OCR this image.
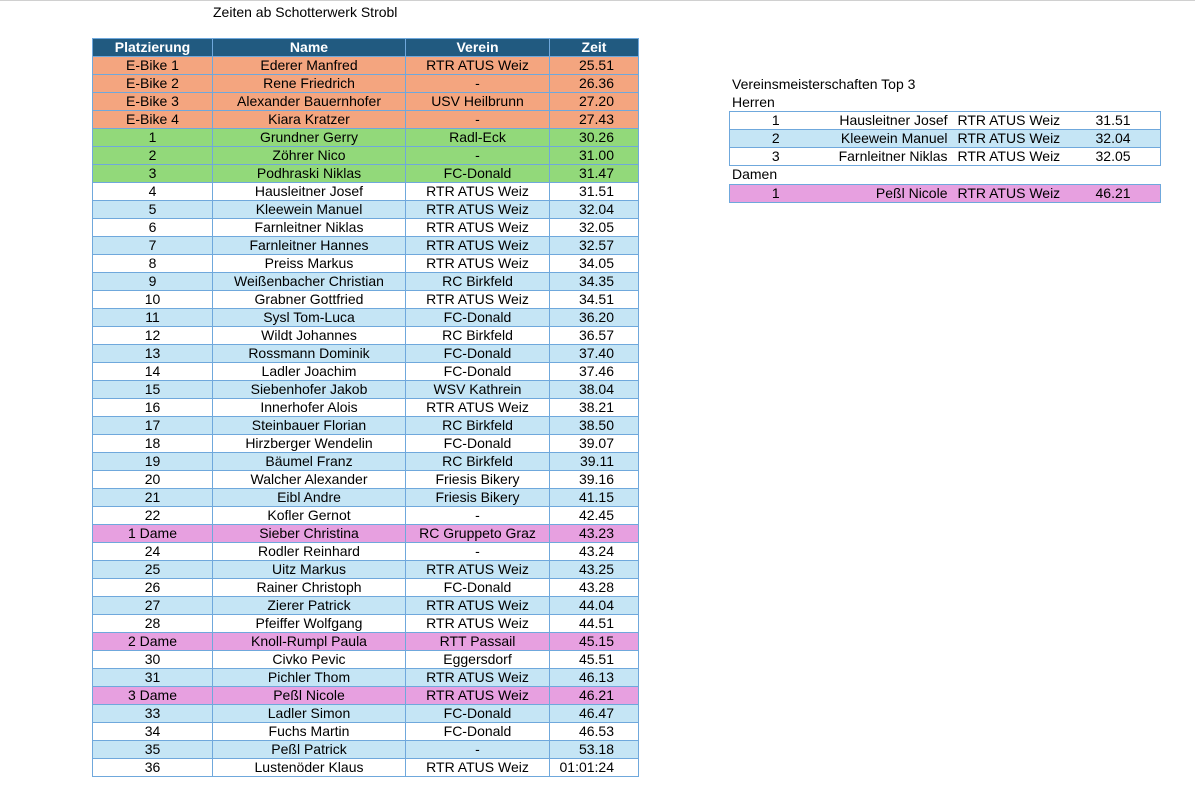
Zeiten ab Schotterwerk Strobl
Platzierung	Name	Verein	Zeit
E-Bike 1	Ederer Manfred	RTR ATUS Weiz	25.51
E-Bike 2	Rene Friedrich	-	26.36
E-Bike 3	Alexander Bauernhofer	USV Heilbrunn	27.20
E-Bike 4	Kiara Kratzer	-	27.43
1	Grundner Gerry	Radl-Eck	30.26
2	Zöhrer Nico	-	31.00
3	Podhraski Niklas	FC-Donald	31.47
4	Hausleitner Josef	RTR ATUS Weiz	31.51
5	Kleewein Manuel	RTR ATUS Weiz	32.04
6	Farnleitner Niklas	RTR ATUS Weiz	32.05
7	Farnleitner Hannes	RTR ATUS Weiz	32.57
8	Preiss Markus	RTR ATUS Weiz	34.05
9	Weißenbacher Christian	RC Birkfeld	34.35
10	Grabner Gottfried	RTR ATUS Weiz	34.51
11	Sysl Tom-Luca	FC-Donald	36.20
12	Wildt Johannes	RC Birkfeld	36.57
13	Rossmann Dominik	FC-Donald	37.40
14	Ladler Joachim	FC-Donald	37.46
15	Siebenhofer Jakob	WSV Kathrein	38.04
16	Innerhofer Alois	RTR ATUS Weiz	38.21
17	Steinbauer Florian	RC Birkfeld	38.50
18	Hirzberger Wendelin	FC-Donald	39.07
19	Bäumel Franz	RC Birkfeld	39.11
20	Walcher Alexander	Friesis Bikery	39.16
21	Eibl Andre	Friesis Bikery	41.15
22	Kofler Gernot	-	42.45
1 Dame	Sieber Christina	RC Gruppeto Graz	43.23
24	Rodler Reinhard	-	43.24
25	Uitz Markus	RTR ATUS Weiz	43.25
26	Rainer Christoph	FC-Donald	43.28
27	Zierer Patrick	RTR ATUS Weiz	44.04
28	Pfeiffer Wolfgang	RTR ATUS Weiz	44.51
2 Dame	Knoll-Rumpl Paula	RTT Passail	45.15
30	Civko Pevic	Eggersdorf	45.51
31	Pichler Thom	RTR ATUS Weiz	46.13
3 Dame	Peßl Nicole	RTR ATUS Weiz	46.21
33	Ladler Simon	FC-Donald	46.47
34	Fuchs Martin	FC-Donald	46.53
35	Peßl Patrick	-	53.18
36	Lustenöder Klaus	RTR ATUS Weiz	01:01:24
Vereinsmeisterschaften Top 3
Herren
1	Hausleitner Josef	RTR ATUS Weiz	31.51
2	Kleewein Manuel	RTR ATUS Weiz	32.04
3	Farnleitner Niklas	RTR ATUS Weiz	32.05
Damen
1	Peßl Nicole	RTR ATUS Weiz	46.21
